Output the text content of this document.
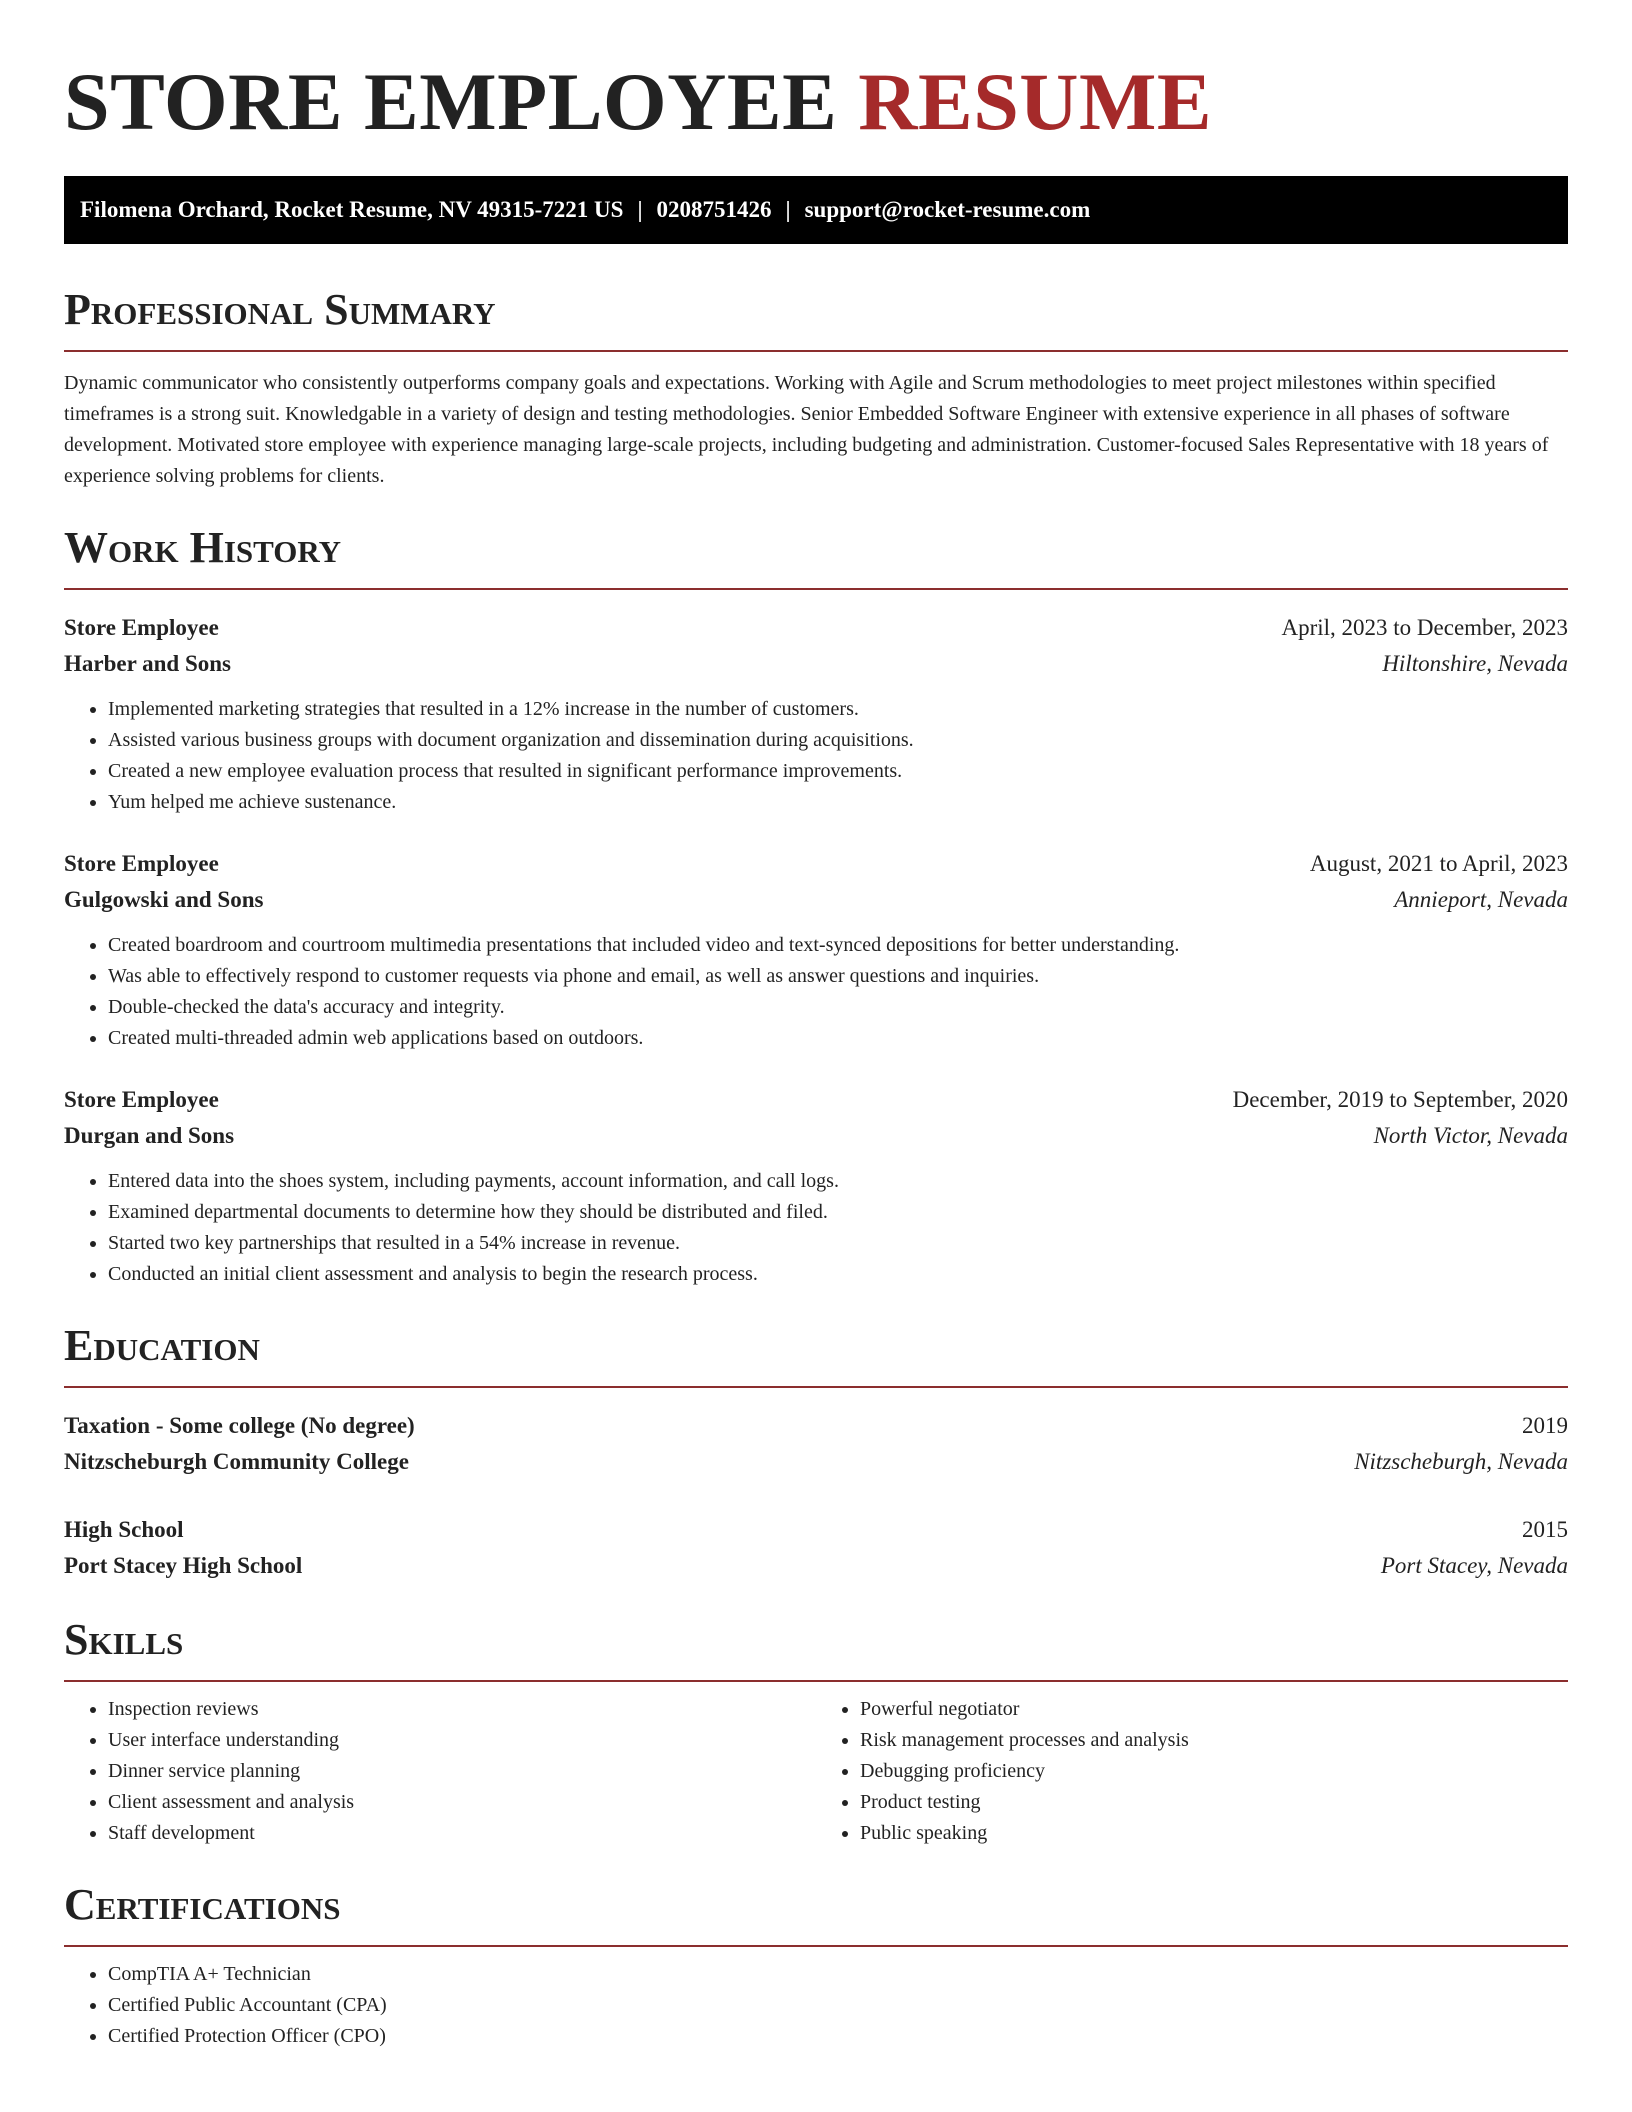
STORE EMPLOYEE RESUME
Filomena Orchard, Rocket Resume, NV 49315-7221 US | 0208751426 | support@rocket-resume.com
Professional Summary

Dynamic communicator who consistently outperforms company goals and expectations. Working with Agile and Scrum methodologies to meet project milestones within specified timeframes is a strong suit. Knowledgable in a variety of design and testing methodologies. Senior Embedded Software Engineer with extensive experience in all phases of software development. Motivated store employee with experience managing large-scale projects, including budgeting and administration. Customer-focused Sales Representative with 18 years of experience solving problems for clients.

Work History
Store Employee	April, 2023 to December, 2023
Harber and Sons	Hiltonshire, Nevada
• Implemented marketing strategies that resulted in a 12% increase in the number of customers.
• Assisted various business groups with document organization and dissemination during acquisitions.
• Created a new employee evaluation process that resulted in significant performance improvements.
• Yum helped me achieve sustenance.
Store Employee	August, 2021 to April, 2023
Gulgowski and Sons	Annieport, Nevada
• Created boardroom and courtroom multimedia presentations that included video and text-synced depositions for better understanding.
• Was able to effectively respond to customer requests via phone and email, as well as answer questions and inquiries.
• Double-checked the data's accuracy and integrity.
• Created multi-threaded admin web applications based on outdoors.
Store Employee	December, 2019 to September, 2020
Durgan and Sons	North Victor, Nevada
• Entered data into the shoes system, including payments, account information, and call logs.
• Examined departmental documents to determine how they should be distributed and filed.
• Started two key partnerships that resulted in a 54% increase in revenue.
• Conducted an initial client assessment and analysis to begin the research process.
Education
Taxation - Some college (No degree)	2019
Nitzscheburgh Community College	Nitzscheburgh, Nevada
High School	2015
Port Stacey High School	Port Stacey, Nevada
Skills
• Inspection reviews
• User interface understanding
• Dinner service planning
• Client assessment and analysis
• Staff development
• Powerful negotiator
• Risk management processes and analysis
• Debugging proficiency
• Product testing
• Public speaking
Certifications
• CompTIA A+ Technician
• Certified Public Accountant (CPA)
• Certified Protection Officer (CPO)
